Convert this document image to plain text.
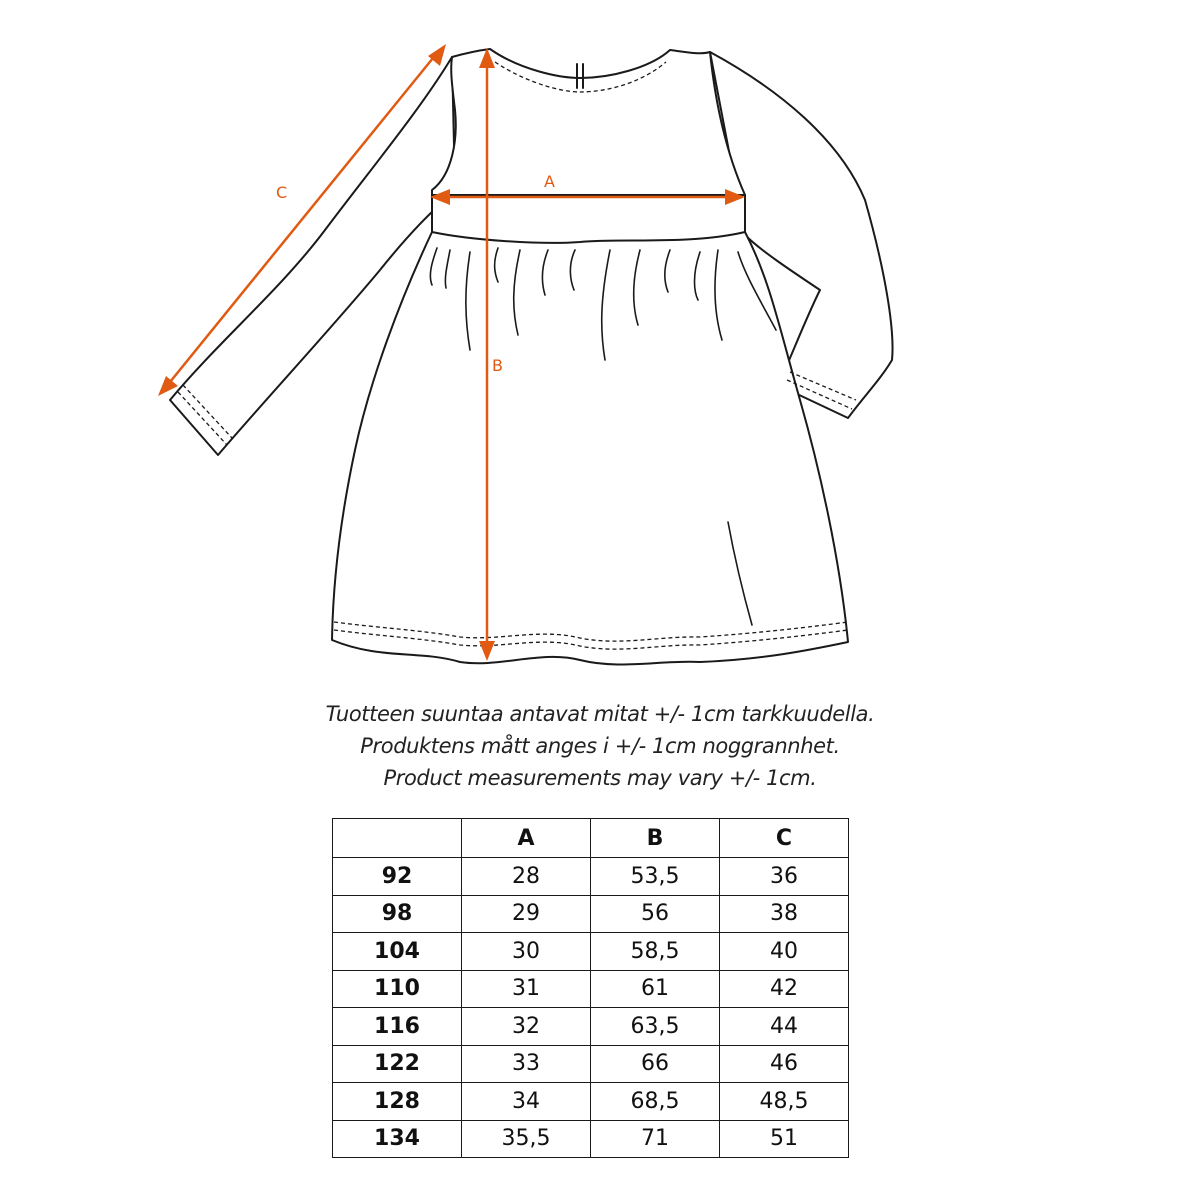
A
B
C
Tuotteen suuntaa antavat mitat +/- 1cm tarkkuudella.
Produktens mått anges i +/- 1cm noggrannhet.
Product measurements may vary +/- 1cm.
	A	B	C
92	28	53,5	36
98	29	56	38
104	30	58,5	40
110	31	61	42
116	32	63,5	44
122	33	66	46
128	34	68,5	48,5
134	35,5	71	51
